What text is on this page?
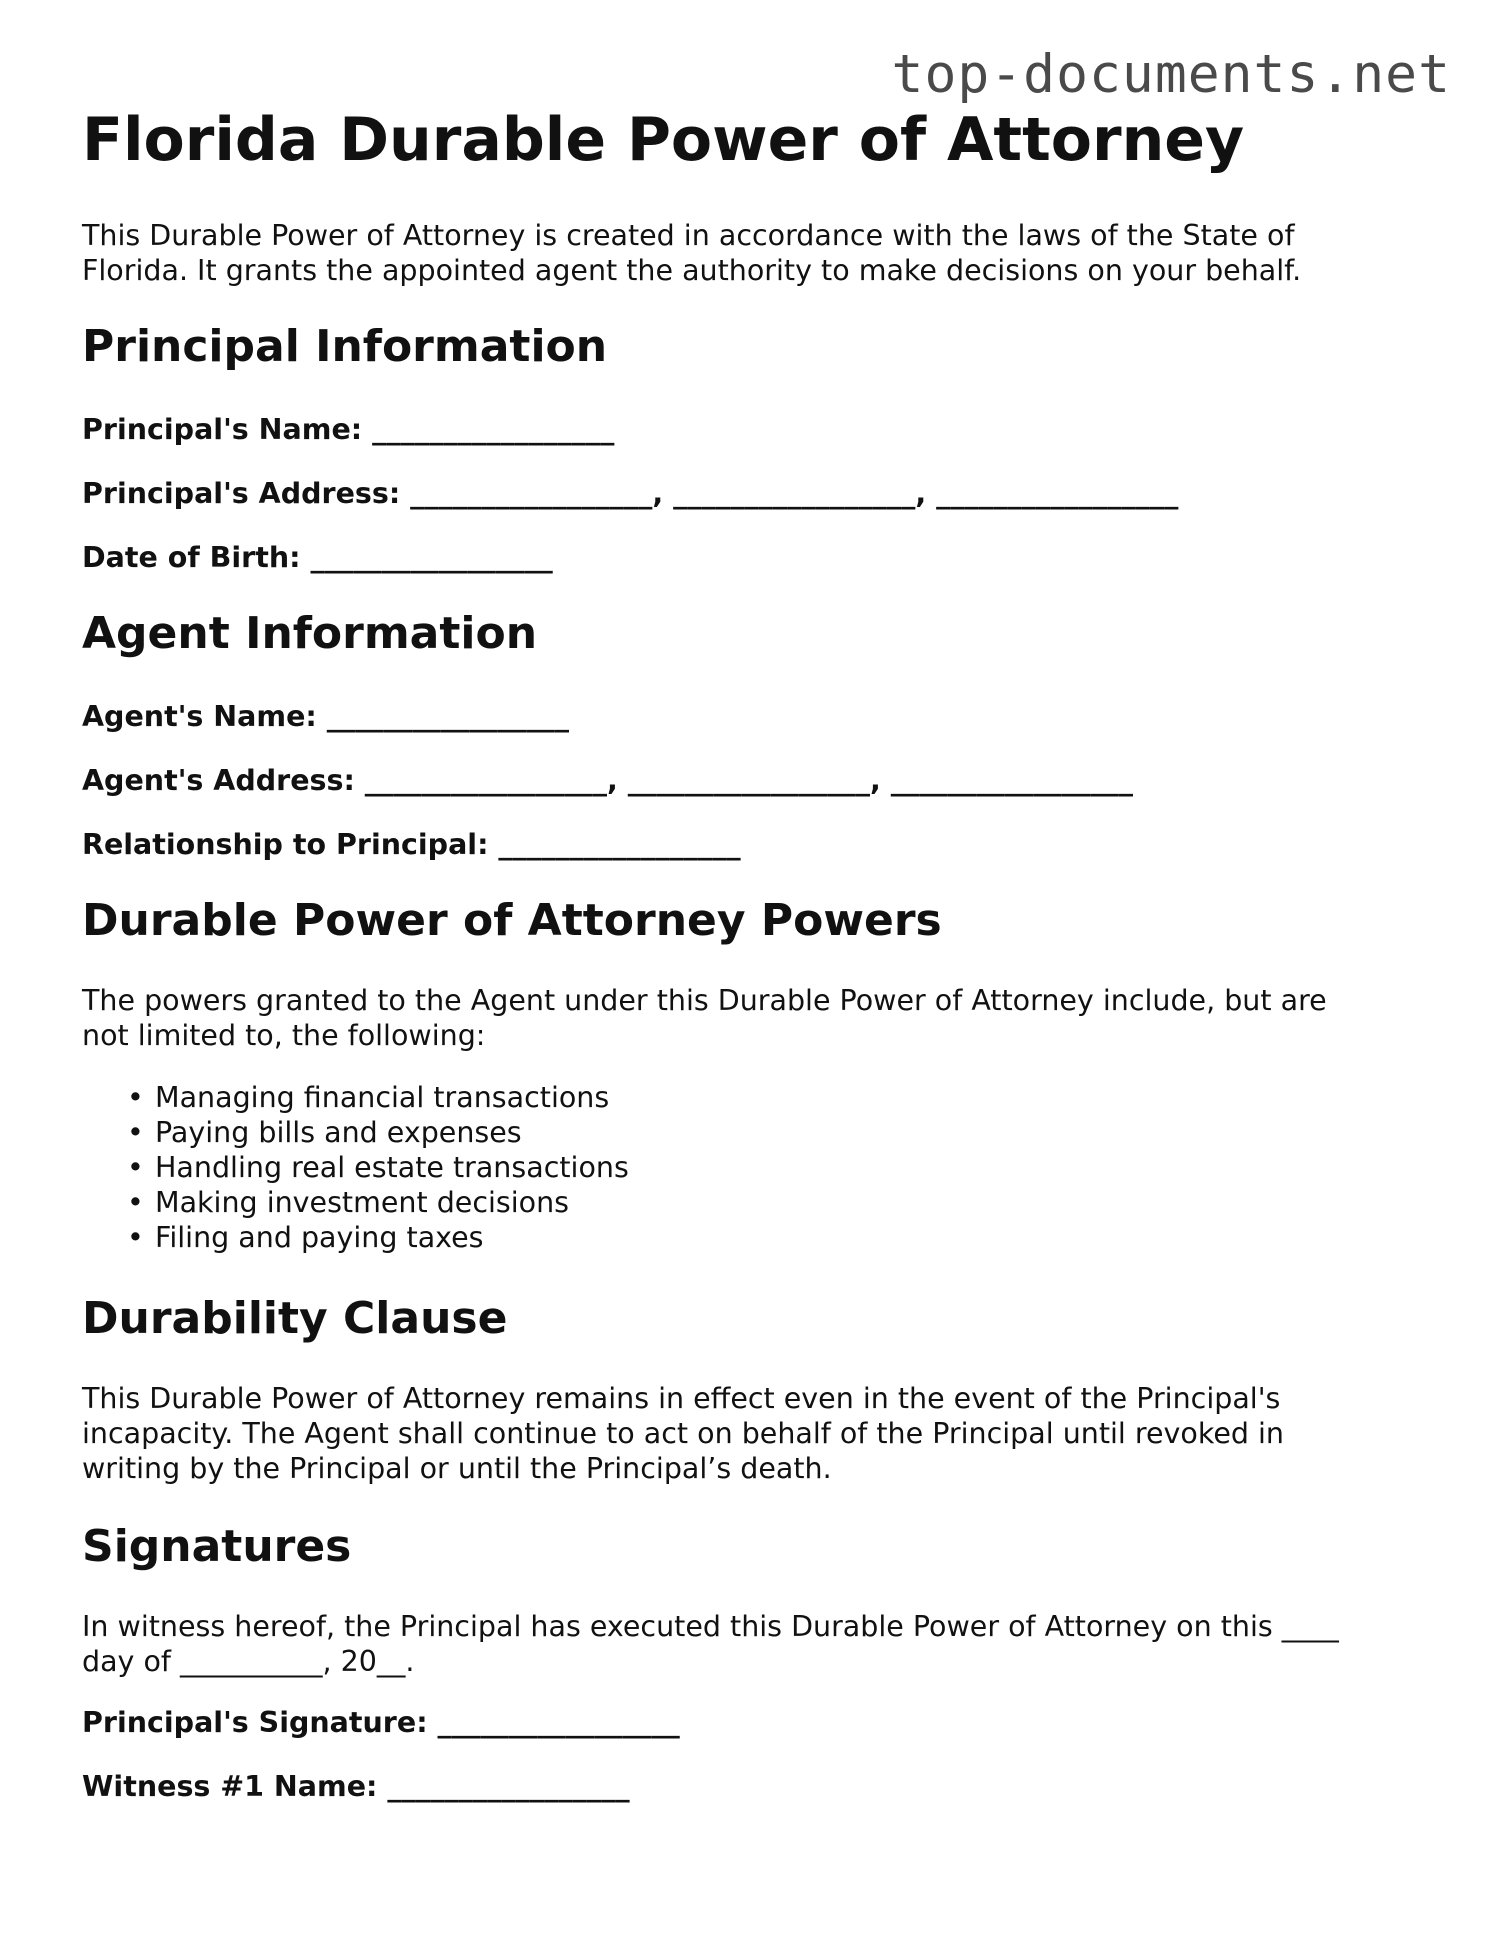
top-documents.net
Florida Durable Power of Attorney

This Durable Power of Attorney is created in accordance with the laws of the State of Florida. It grants the appointed agent the authority to make decisions on your behalf.

Principal Information
Principal's Name: _________________
Principal's Address: _________________, _________________, _________________
Date of Birth: _________________
Agent Information
Agent's Name: _________________
Agent's Address: _________________, _________________, _________________
Relationship to Principal: _________________
Durable Power of Attorney Powers

The powers granted to the Agent under this Durable Power of Attorney include, but are not limited to, the following:

• Managing financial transactions
• Paying bills and expenses
• Handling real estate transactions
• Making investment decisions
• Filing and paying taxes
Durability Clause

This Durable Power of Attorney remains in effect even in the event of the Principal's incapacity. The Agent shall continue to act on behalf of the Principal until revoked in writing by the Principal or until the Principal’s death.

Signatures

In witness hereof, the Principal has executed this Durable Power of Attorney on this ____ day of __________, 20__.

Principal's Signature: _________________
Witness #1 Name: _________________
